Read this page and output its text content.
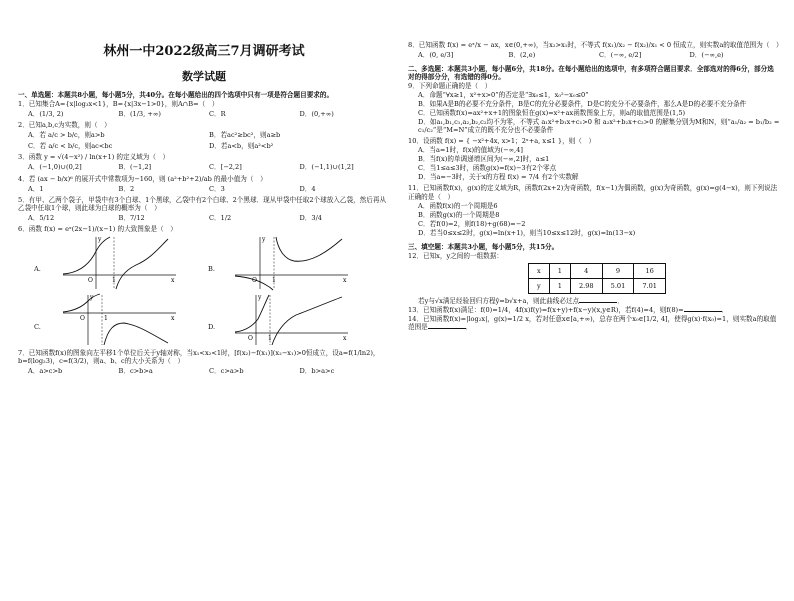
林州一中2022级高三7月调研考试
数学试题
一、单选题：本题共8小题，每小题5分，共40分。在每小题给出的四个选项中只有一项是符合题目要求的。
1．已知集合A={x|log₃x<1}，B={x|3x−1>0}，则A∩B=（　）
A．(1/3, 2)	B．(1/3, +∞)	C．R	D．(0,+∞)
2．已知a,b,c为实数，则（　）
A．若 a/c > b/c，则a>b	B．若ac²≥bc²，则a≥b
C．若 a/c < b/c，则ac<bc	D．若a<b，则a²<b²
3．函数 y = √(4−x²) / ln(x+1) 的定义域为（　）
A．(−1,0)∪(0,2]	B．(−1,2]	C．[−2,2]	D．(−1,1)∪(1,2]
4．若 (ax − b/x)⁶ 的展开式中常数项为−160，则 (a²+b²+2)/ab 的最小值为（　）
A．1	B．2	C．3	D．4
5．有甲、乙两个袋子，甲袋中有3个白球、1个黑球，乙袋中有2个白球、2个黑球．现从甲袋中任取2个球放入乙袋，然后再从乙袋中任取1个球，则此球为白球的概率为（　）
A．5/12	B．7/12	C．1/2	D．3/4
6．函数 f(x) = eˣ(2x−1)/(x−1) 的大致图象是（　）
A.
O	1	x
y
B.
O	1	x
y
C.
O	1	x
y
D.
O	1	x
y
7．已知函数f(x)的图象向左平移1个单位后关于y轴对称，当x₁<x₂<1时，[f(x₂)−f(x₁)](x₂−x₁)>0恒成立，设a=f(1/ln2)，b=f(log₂3)，c=f(3/2)，则a、b、c的大小关系为（　）
A．a>c>b	B．c>b>a	C．c>a>b	D．b>a>c
8．已知函数 f(x) = eˣ/x − ax，x∈(0,+∞)，当x₂>x₁时，不等式 f(x₁)/x₂ − f(x₂)/x₁ < 0 恒成立，则实数a的取值范围为（　）
A．(0, e/3]	B．(2,e)	C．(−∞, e/2]	D．(−∞,e)
二、多选题：本题共3小题，每小题6分，共18分。在每小题给出的选项中，有多项符合题目要求．全部选对的得6分，部分选对的得部分分，有选错的得0分。
9．下列命题正确的是（　）
A．命题“∀x≥1，x²+x>0”的否定是“∃x₀≤1，x₀²−x₀≤0”
B．如果A是B的必要不充分条件，B是C的充分必要条件，D是C的充分不必要条件，那么A是D的必要不充分条件
C．已知函数f(x)=ax²+x+1的图象恒在g(x)=x²+ax函数图象上方，则a的取值范围是(1,5)
D．如a₁,b₁,c₁,a₂,b₂,c₂均不为零，不等式 a₁x²+b₁x+c₁>0 和 a₂x²+b₂x+c₂>0 的解集分别为M和N，则“a₁/a₂ = b₁/b₂ = c₁/c₂”是“M=N”成立的既不充分也不必要条件
10．设函数 f(x) = { −x²+4x, x>1；2ˣ+a, x≤1 }，则（　）
A．当a=1时，f(x)的值域为(−∞,4]
B．当f(x)的单调递增区间为(−∞,2]时，a≤1
C．当1≤a≤3时，函数g(x)=f(x)−3有2个零点
D．当a=−3时，关于x的方程 f(x) = 7/4 有2个实数解
11．已知函数f(x)，g(x)的定义域为R，函数f(2x+2)为奇函数，f(x−1)为偶函数，g(x)为奇函数，g(x)=g(4−x)，则下列说法正确的是（　）
A．函数f(x)的一个周期是6
B．函数g(x)的一个周期是8
C．若f(0)=2，则f(18)+g(68)=−2
D．若当0≤x≤2时，g(x)=ln(x+1)，则当10≤x≤12时，g(x)=ln(13−x)
三、填空题：本题共3小题，每小题5分，共15分。
12．已知x，y之间的一组数据：
x	1	4	9	16
y	1	2.98	5.01	7.01
若y与√x满足经验回归方程ŷ=b√x+a，则此曲线必过点	．
13．已知函数f(x)满足：f(0)=1/4，4f(x)f(y)=f(x+y)+f(x−y)(x,y∈R)，若f(4)=4，则f(8)=	．
14．已知函数f(x)=|log₂x|，g(x)=1/2 x，若对任意x∈[a,+∞)，总存在两个x₀∈[1/2, 4]，使得g(x)·f(x₀)=1，则实数a的取值范围是	．
